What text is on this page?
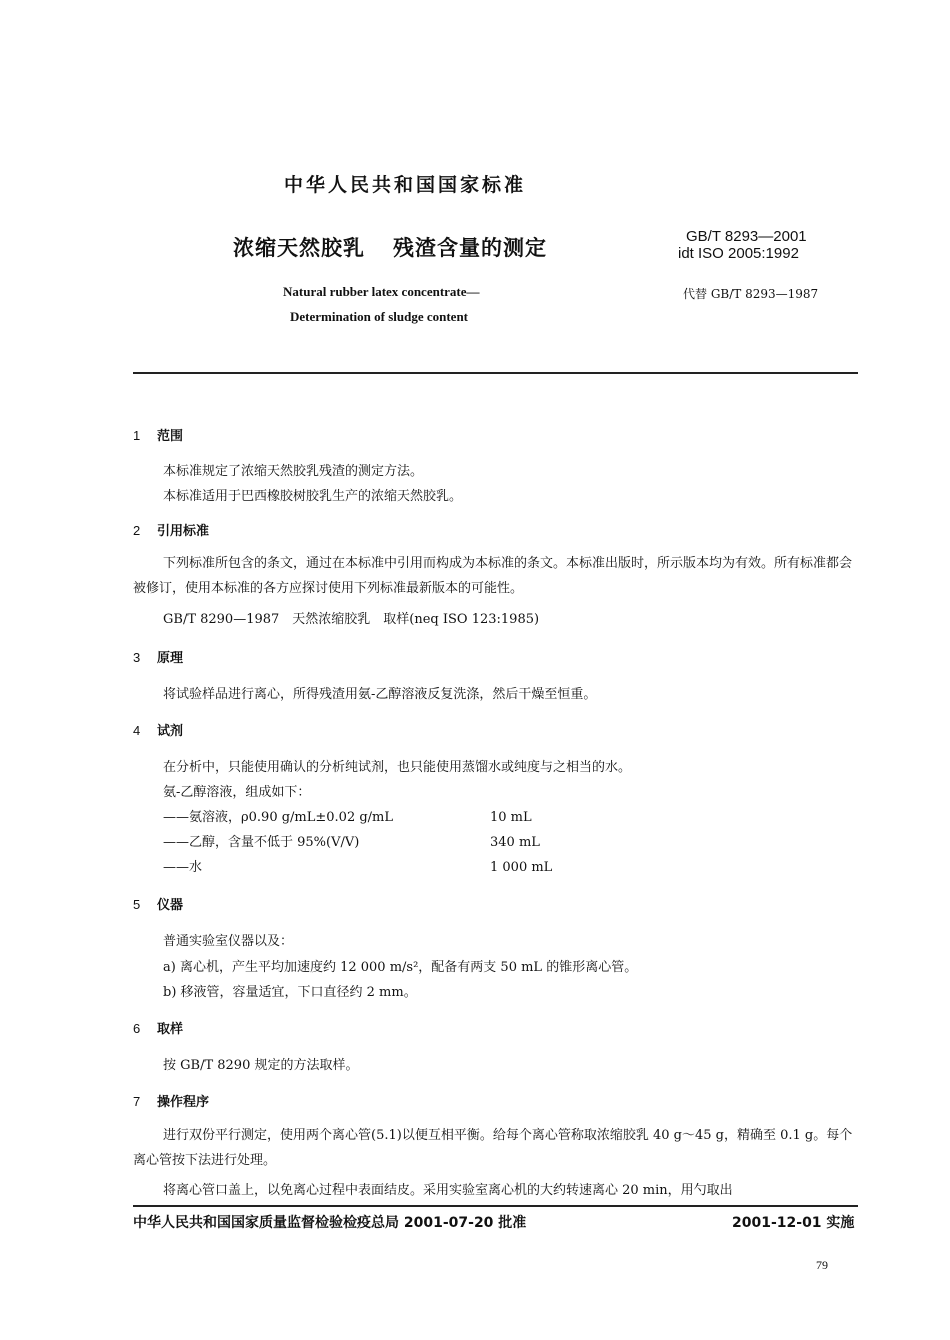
中华人民共和国国家标准
浓缩天然胶乳 残渣含量的测定	GB/T 8293—2001
idt ISO 2005:1992
Natural rubber latex concentrate—	代替 GB/T 8293—1987
Determination of sludge content
1 范围
本标准规定了浓缩天然胶乳残渣的测定方法。
本标准适用于巴西橡胶树胶乳生产的浓缩天然胶乳。
2 引用标准
下列标准所包含的条文，通过在本标准中引用而构成为本标准的条文。本标准出版时，所示版本均为有效。所有标准都会被修订，使用本标准的各方应探讨使用下列标准最新版本的可能性。
GB/T 8290—1987　天然浓缩胶乳　取样(neq ISO 123:1985)
3 原理
将试验样品进行离心，所得残渣用氨-乙醇溶液反复洗涤，然后干燥至恒重。
4 试剂
在分析中，只能使用确认的分析纯试剂，也只能使用蒸馏水或纯度与之相当的水。
氨-乙醇溶液，组成如下：
——氨溶液，ρ0.90 g/mL±0.02 g/mL	10 mL
——乙醇，含量不低于 95%(V/V)	340 mL
——水	1 000 mL
5 仪器
普通实验室仪器以及：
a) 离心机，产生平均加速度约 12 000 m/s²，配备有两支 50 mL 的锥形离心管。
b) 移液管，容量适宜，下口直径约 2 mm。
6 取样
按 GB/T 8290 规定的方法取样。
7 操作程序
进行双份平行测定，使用两个离心管(5.1)以便互相平衡。给每个离心管称取浓缩胶乳 40 g～45 g，精确至 0.1 g。每个离心管按下法进行处理。
将离心管口盖上，以免离心过程中表面结皮。采用实验室离心机的大约转速离心 20 min，用勺取出
中华人民共和国国家质量监督检验检疫总局 2001-07-20 批准	2001-12-01 实施
79
